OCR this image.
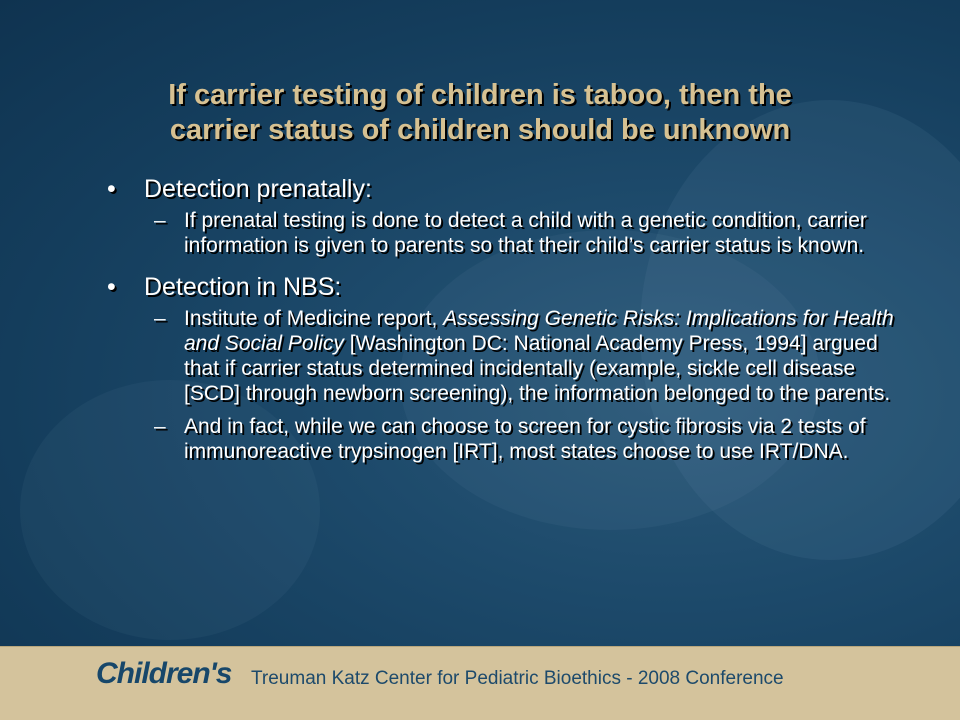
If carrier testing of children is taboo, then the
carrier status of children should be unknown
• Detection prenatally:
– If prenatal testing is done to detect a child with a genetic condition, carrier information is given to parents so that their child’s carrier status is known.
• Detection in NBS:
– Institute of Medicine report, Assessing Genetic Risks: Implications for Health and Social Policy [Washington DC: National Academy Press, 1994] argued that if carrier status determined incidentally (example, sickle cell disease [SCD] through newborn screening), the information belonged to the parents.
– And in fact, while we can choose to screen for cystic fibrosis via 2 tests of immunoreactive trypsinogen [IRT], most states choose to use IRT/DNA.
Children's Treuman Katz Center for Pediatric Bioethics - 2008 Conference
